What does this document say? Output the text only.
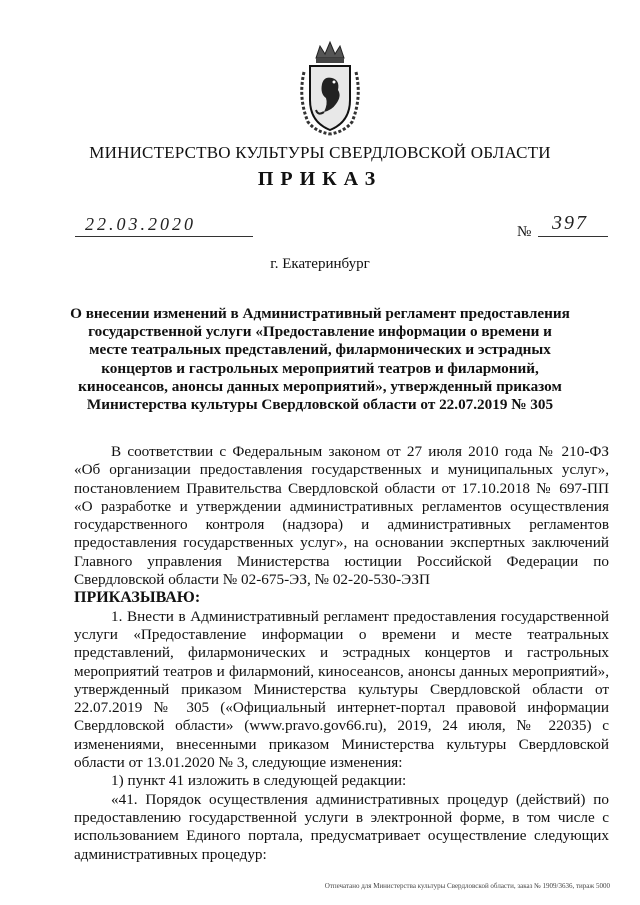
МИНИСТЕРСТВО КУЛЬТУРЫ СВЕРДЛОВСКОЙ ОБЛАСТИ
ПРИКАЗ
22.03.2020	№ 397
г. Екатеринбург
О внесении изменений в Административный регламент предоставления государственной услуги «Предоставление информации о времени и месте театральных представлений, филармонических и эстрадных концертов и гастрольных мероприятий театров и филармоний, киносеансов, анонсы данных мероприятий», утвержденный приказом Министерства культуры Свердловской области от 22.07.2019 № 305

В соответствии с Федеральным законом от 27 июля 2010 года № 210-ФЗ «Об организации предоставления государственных и муниципальных услуг», постановлением Правительства Свердловской области от 17.10.2018 № 697-ПП «О разработке и утверждении административных регламентов осуществления государственного контроля (надзора) и административных регламентов предоставления государственных услуг», на основании экспертных заключений Главного управления Министерства юстиции Российской Федерации по Свердловской области № 02-675-ЭЗ, № 02-20-530-ЭЗП

ПРИКАЗЫВАЮ:

1. Внести в Административный регламент предоставления государственной услуги «Предоставление информации о времени и месте театральных представлений, филармонических и эстрадных концертов и гастрольных мероприятий театров и филармоний, киносеансов, анонсы данных мероприятий», утвержденный приказом Министерства культуры Свердловской области от 22.07.2019 № 305 («Официальный интернет-портал правовой информации Свердловской области» (www.pravo.gov66.ru), 2019, 24 июля, № 22035) с изменениями, внесенными приказом Министерства культуры Свердловской области от 13.01.2020 № 3, следующие изменения:

1) пункт 41 изложить в следующей редакции:

«41. Порядок осуществления административных процедур (действий) по предоставлению государственной услуги в электронной форме, в том числе с использованием Единого портала, предусматривает осуществление следующих административных процедур:

Отпечатано для Министерства культуры Свердловской области, заказ № 1909/3636, тираж 5000
